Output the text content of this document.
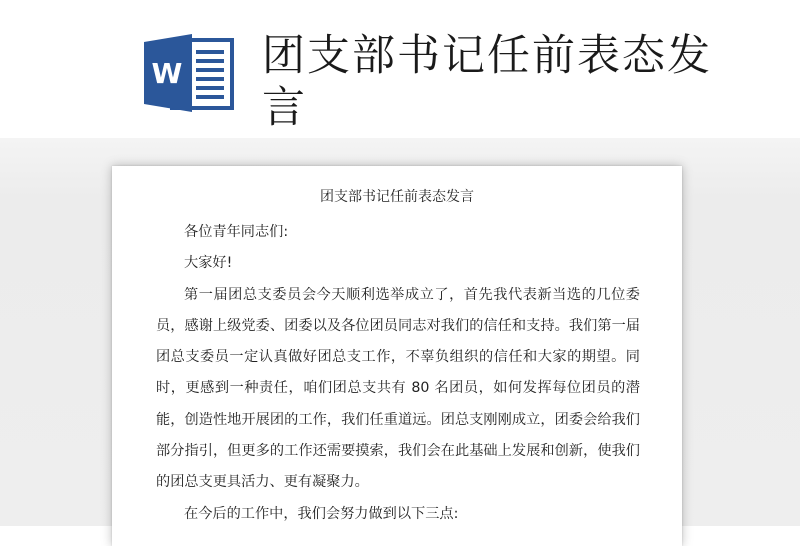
W 团支部书记任前表态发言
团支部书记任前表态发言

各位青年同志们:

大家好!

第一届团总支委员会今天顺利选举成立了，首先我代表新当选的几位委员，感谢上级党委、团委以及各位团员同志对我们的信任和支持。我们第一届团总支委员一定认真做好团总支工作，不辜负组织的信任和大家的期望。同时，更感到一种责任，咱们团总支共有 80 名团员，如何发挥每位团员的潜能，创造性地开展团的工作，我们任重道远。团总支刚刚成立，团委会给我们部分指引，但更多的工作还需要摸索，我们会在此基础上发展和创新，使我们的团总支更具活力、更有凝聚力。

在今后的工作中，我们会努力做到以下三点:
